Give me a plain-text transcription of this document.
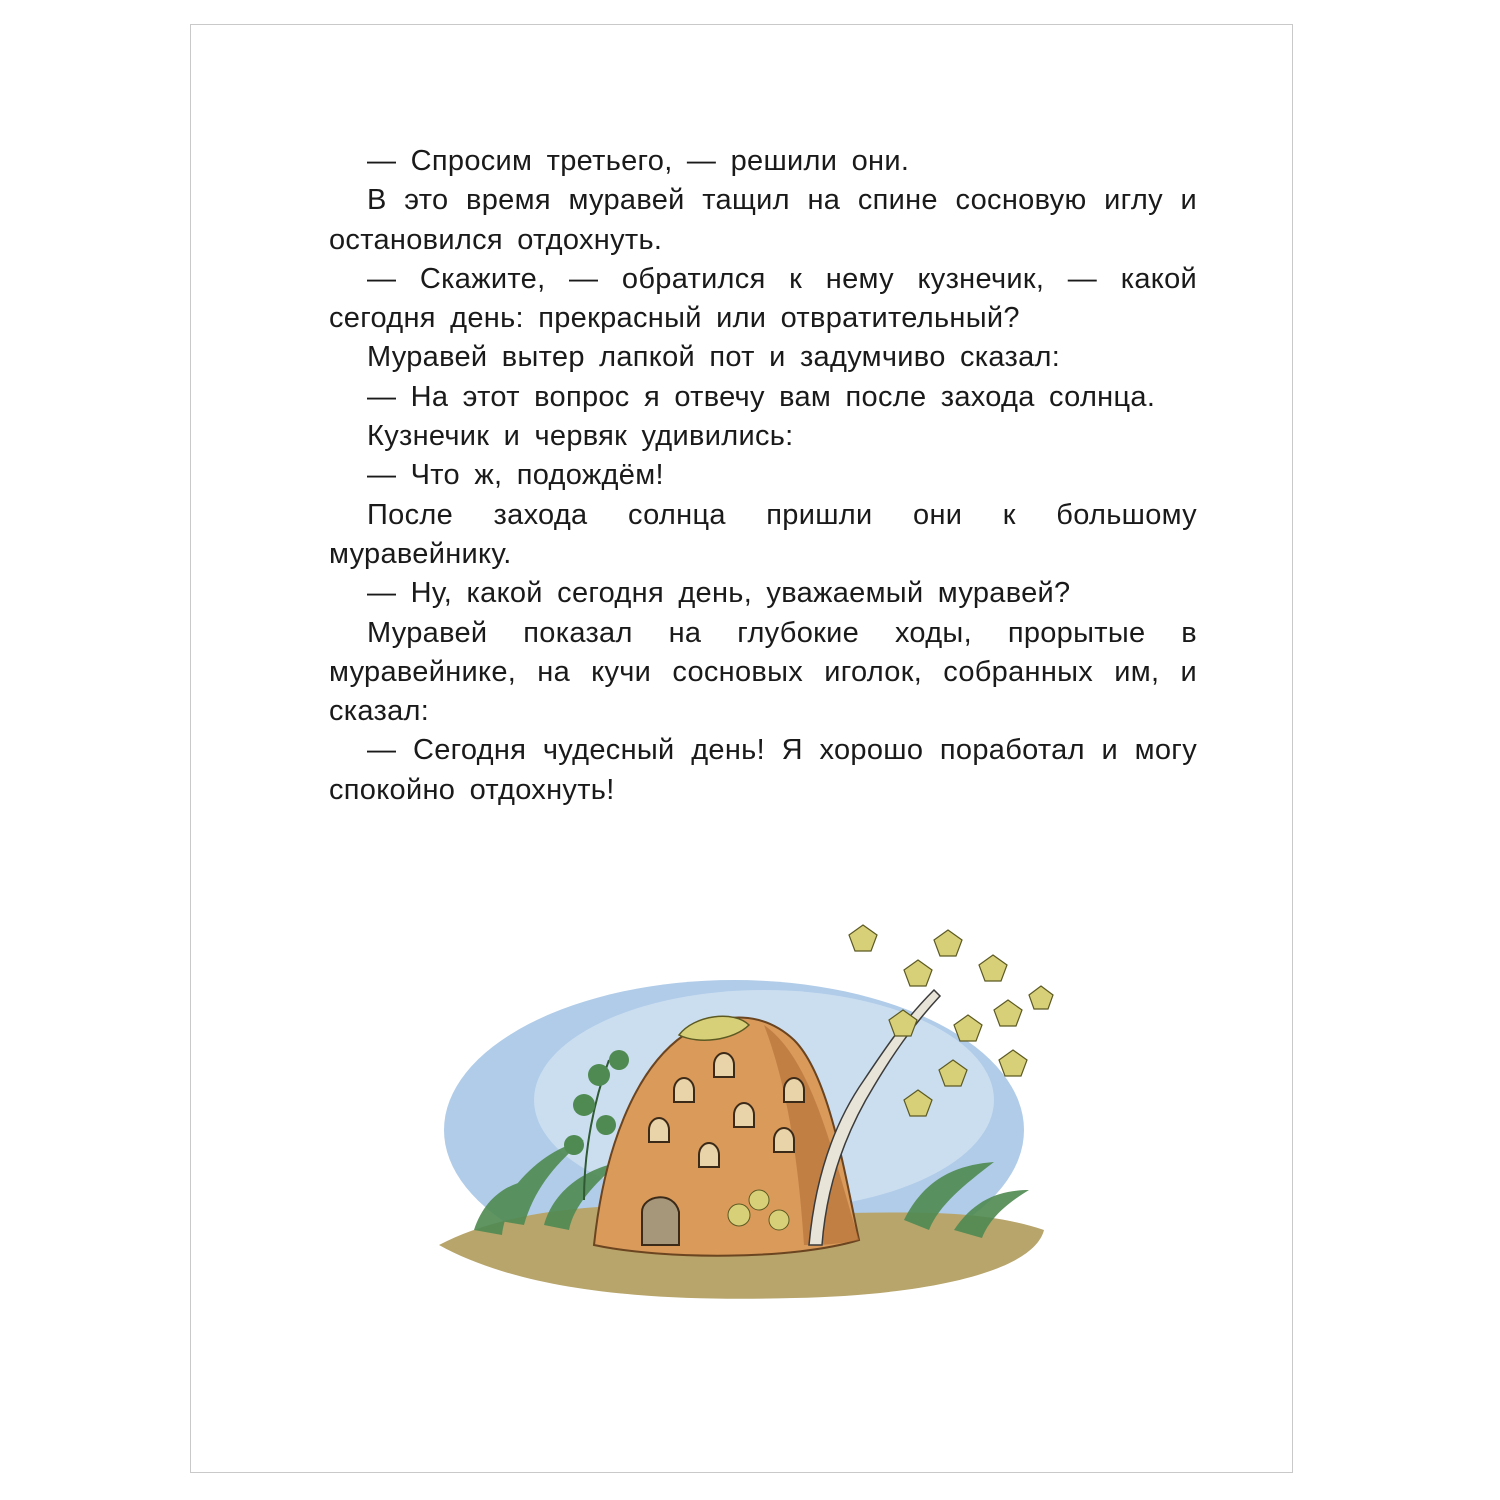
— Спросим третьего, — решили они.

В это время муравей тащил на спине сосновую иглу и остановился отдохнуть.

— Скажите, — обратился к нему кузнечик, — какой сегодня день: прекрасный или отвратительный?

Муравей вытер лапкой пот и задумчиво сказал:

— На этот вопрос я отвечу вам после захода солнца.

Кузнечик и червяк удивились:

— Что ж, подождём!

После захода солнца пришли они к большому муравейнику.

— Ну, какой сегодня день, уважаемый муравей?

Муравей показал на глубокие ходы, прорытые в муравейнике, на кучи сосновых иголок, собранных им, и сказал:

— Сегодня чудесный день! Я хорошо поработал и могу спокойно отдохнуть!
